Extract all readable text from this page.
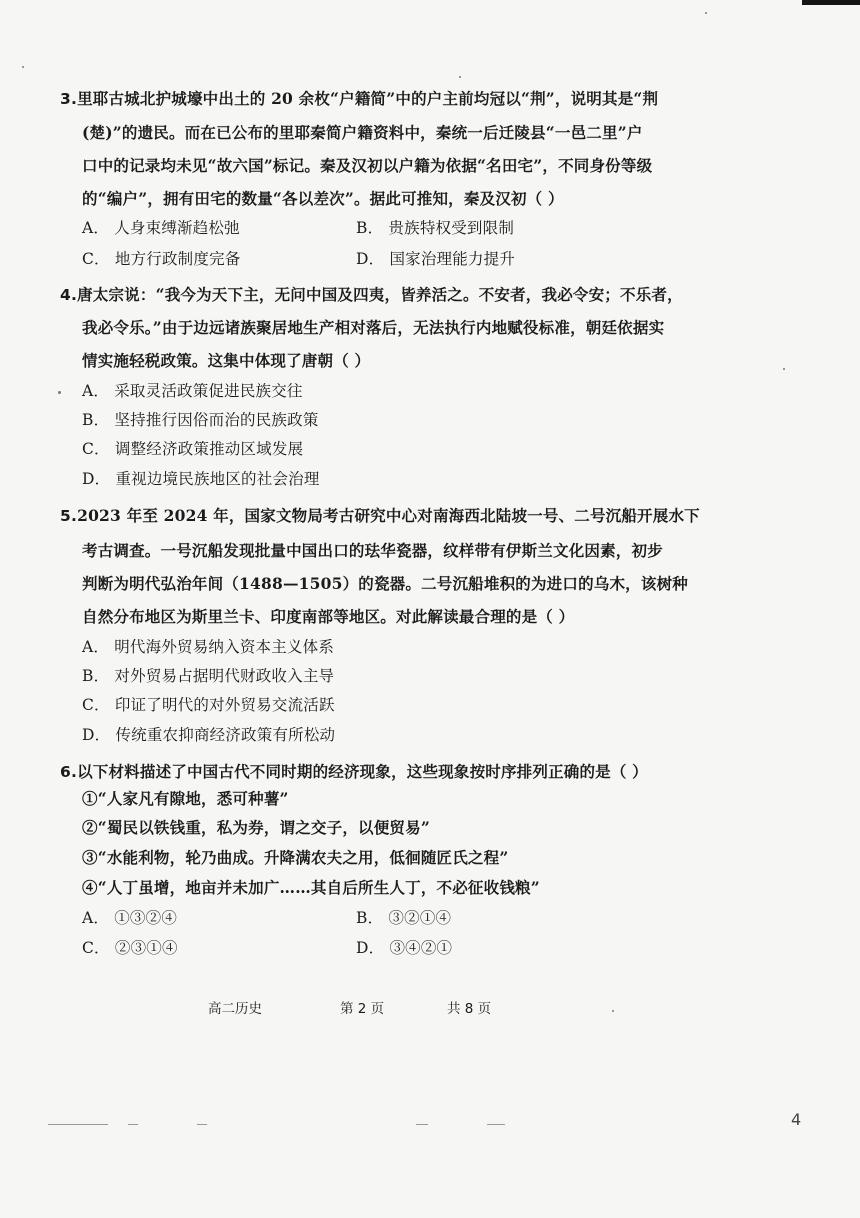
3.里耶古城北护城壕中出土的 20 余枚“户籍简”中的户主前均冠以“荆”，说明其是“荆
(楚)”的遗民。而在已公布的里耶秦简户籍资料中，秦统一后迁陵县“一邑二里”户
口中的记录均未见“故六国”标记。秦及汉初以户籍为依据“名田宅”，不同身份等级
的“编户”，拥有田宅的数量“各以差次”。据此可推知，秦及汉初（ ）
A． 人身束缚渐趋松弛	B． 贵族特权受到限制
C． 地方行政制度完备	D． 国家治理能力提升
4.唐太宗说：“我今为天下主，无问中国及四夷，皆养活之。不安者，我必令安；不乐者，
我必令乐。”由于边远诸族聚居地生产相对落后，无法执行内地赋役标准，朝廷依据实
情实施轻税政策。这集中体现了唐朝（ ）
A． 采取灵活政策促进民族交往
B． 坚持推行因俗而治的民族政策
C． 调整经济政策推动区域发展
D． 重视边境民族地区的社会治理
5.2023 年至 2024 年，国家文物局考古研究中心对南海西北陆坡一号、二号沉船开展水下
考古调查。一号沉船发现批量中国出口的珐华瓷器，纹样带有伊斯兰文化因素，初步
判断为明代弘治年间（1488—1505）的瓷器。二号沉船堆积的为进口的乌木，该树种
自然分布地区为斯里兰卡、印度南部等地区。对此解读最合理的是（ ）
A． 明代海外贸易纳入资本主义体系
B． 对外贸易占据明代财政收入主导
C． 印证了明代的对外贸易交流活跃
D． 传统重农抑商经济政策有所松动
6.以下材料描述了中国古代不同时期的经济现象，这些现象按时序排列正确的是（ ）
①“人家凡有隙地，悉可种薯”
②“蜀民以铁钱重，私为券，谓之交子，以便贸易”
③“水能利物，轮乃曲成。升降满农夫之用，低徊随匠氏之程”
④“人丁虽增，地亩并未加广……其自后所生人丁，不必征收钱粮”
A． ①③②④	B． ③②①④
C． ②③①④	D． ③④②①
高二历史	第 2 页	共 8 页
4
